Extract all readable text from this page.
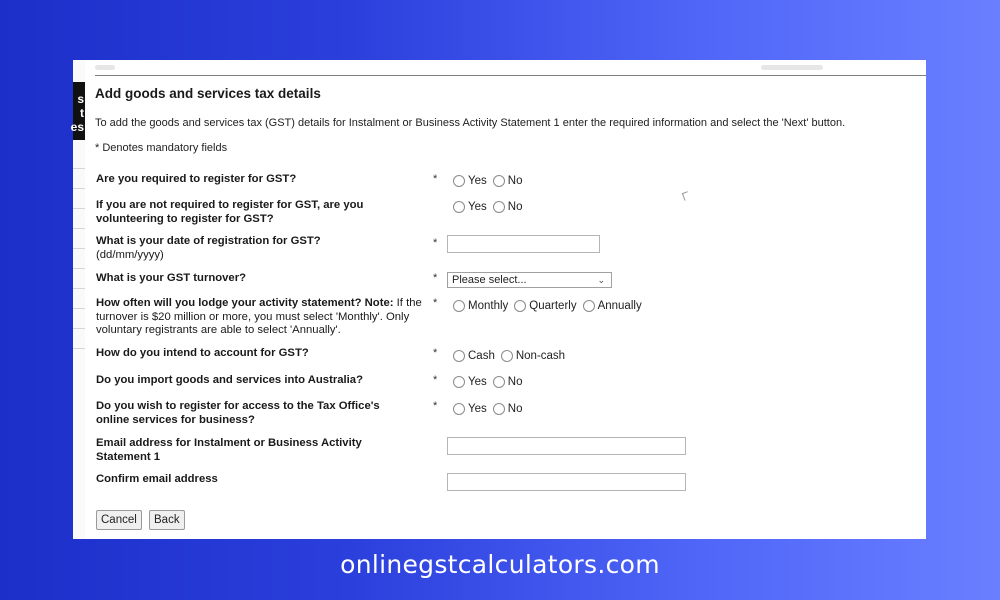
s
t
es
Add goods and services tax details
To add the goods and services tax (GST) details for Instalment or Business Activity Statement 1 enter the required information and select the 'Next' button.
* Denotes mandatory fields
Are you required to register for GST?	*	Yes No
If you are not required to register for GST, are you volunteering to register for GST?
Yes No
What is your date of registration for GST?
(dd/mm/yyyy)
*
What is your GST turnover?	*	Please select...	⌄
How often will you lodge your activity statement? Note: If the turnover is $20 million or more, you must select 'Monthly'. Only voluntary registrants are able to select 'Annually'.
*	Monthly Quarterly Annually
How do you intend to account for GST?	*	Cash Non-cash
Do you import goods and services into Australia?	*	Yes No
Do you wish to register for access to the Tax Office's online services for business?
*	Yes No
Email address for Instalment or Business Activity Statement 1
Confirm email address
Cancel	Back
onlinegstcalculators.com
